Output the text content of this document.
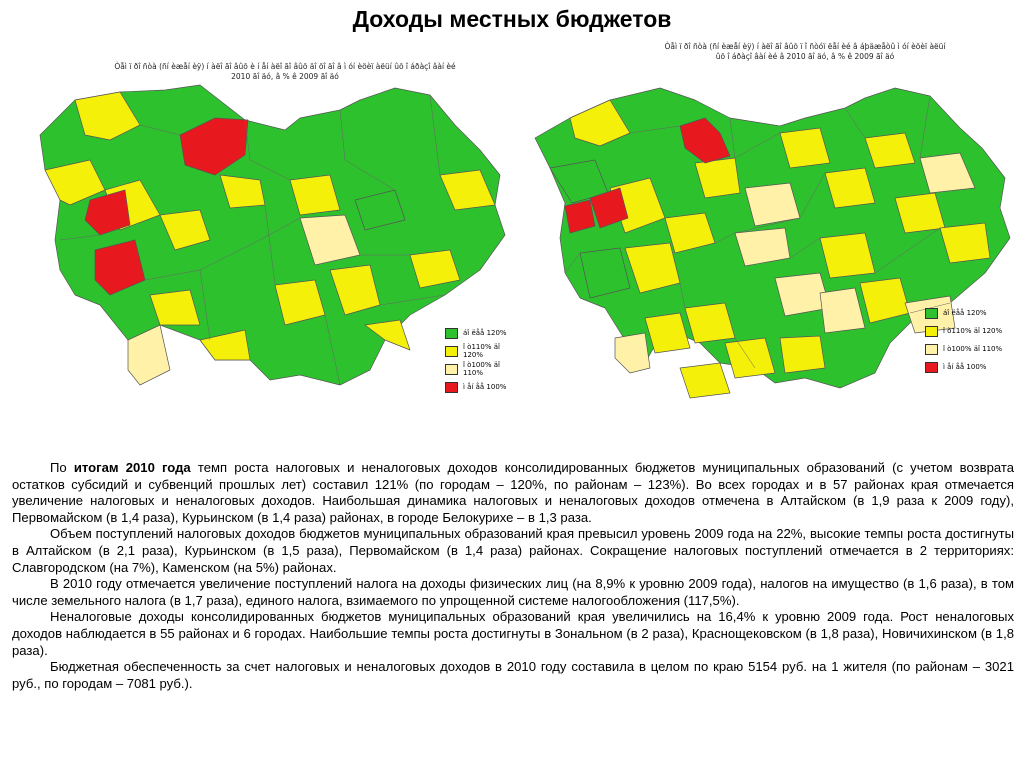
Доходы местных бюджетов
Òåì ï ðî ñòà (ñí èæåí èÿ) í àëî ãî âûõ è í åí àëî ãî âûõ äî õî äî â ì óí èöèï àëüí ûõ î áðàçî âàí èé 2010 ãî äó, â % ê 2009 ãî äó
áî ëåå 120%
î ò110% äî 120%
î ò100% äî 110%
ì åí åå 100%
Òåì ï ðî ñòà (ñí èæåí èÿ) í àëî ãî âûõ ï î ñòóï ëåí èé â áþäæåòû ì óí èöèï àëüí ûõ î áðàçî âàí èé â 2010 ãî äó, â % ê 2009 ãî äó
áî ëåå 120%
î ò110% äî 120%
î ò100% äî 110%
ì åí åå 100%

По итогам 2010 года темп роста налоговых и неналоговых доходов консолидированных бюджетов муниципальных образований (с учетом возврата остатков субсидий и субвенций прошлых лет) составил 121% (по городам – 120%, по районам – 123%). Во всех городах и в 57 районах края отмечается увеличение налоговых и неналоговых доходов. Наибольшая динамика налоговых и неналоговых доходов отмечена в Алтайском (в 1,9 раза к 2009 году), Первомайском (в 1,4 раза), Курьинском (в 1,4 раза) районах, в городе Белокурихе – в 1,3 раза.

Объем поступлений налоговых доходов бюджетов муниципальных образований края превысил уровень 2009 года на 22%, высокие темпы роста достигнуты в Алтайском (в 2,1 раза), Курьинском (в 1,5 раза), Первомайском (в 1,4 раза) районах. Сокращение налоговых поступлений отмечается в 2 территориях: Славгородском (на 7%), Каменском (на 5%) районах.

В 2010 году отмечается увеличение поступлений налога на доходы физических лиц (на 8,9% к уровню 2009 года), налогов на имущество (в 1,6 раза), в том числе земельного налога (в 1,7 раза), единого налога, взимаемого по упрощенной системе налогообложения (117,5%).

Неналоговые доходы консолидированных бюджетов муниципальных образований края увеличились на 16,4% к уровню 2009 года. Рост неналоговых доходов наблюдается в 55 районах и 6 городах. Наибольшие темпы роста достигнуты в Зональном (в 2 раза), Краснощековском (в 1,8 раза), Новичихинском (в 1,8 раза).

Бюджетная обеспеченность за счет налоговых и неналоговых доходов в 2010 году составила в целом по краю 5154 руб. на 1 жителя (по районам – 3021 руб., по городам – 7081 руб.).
